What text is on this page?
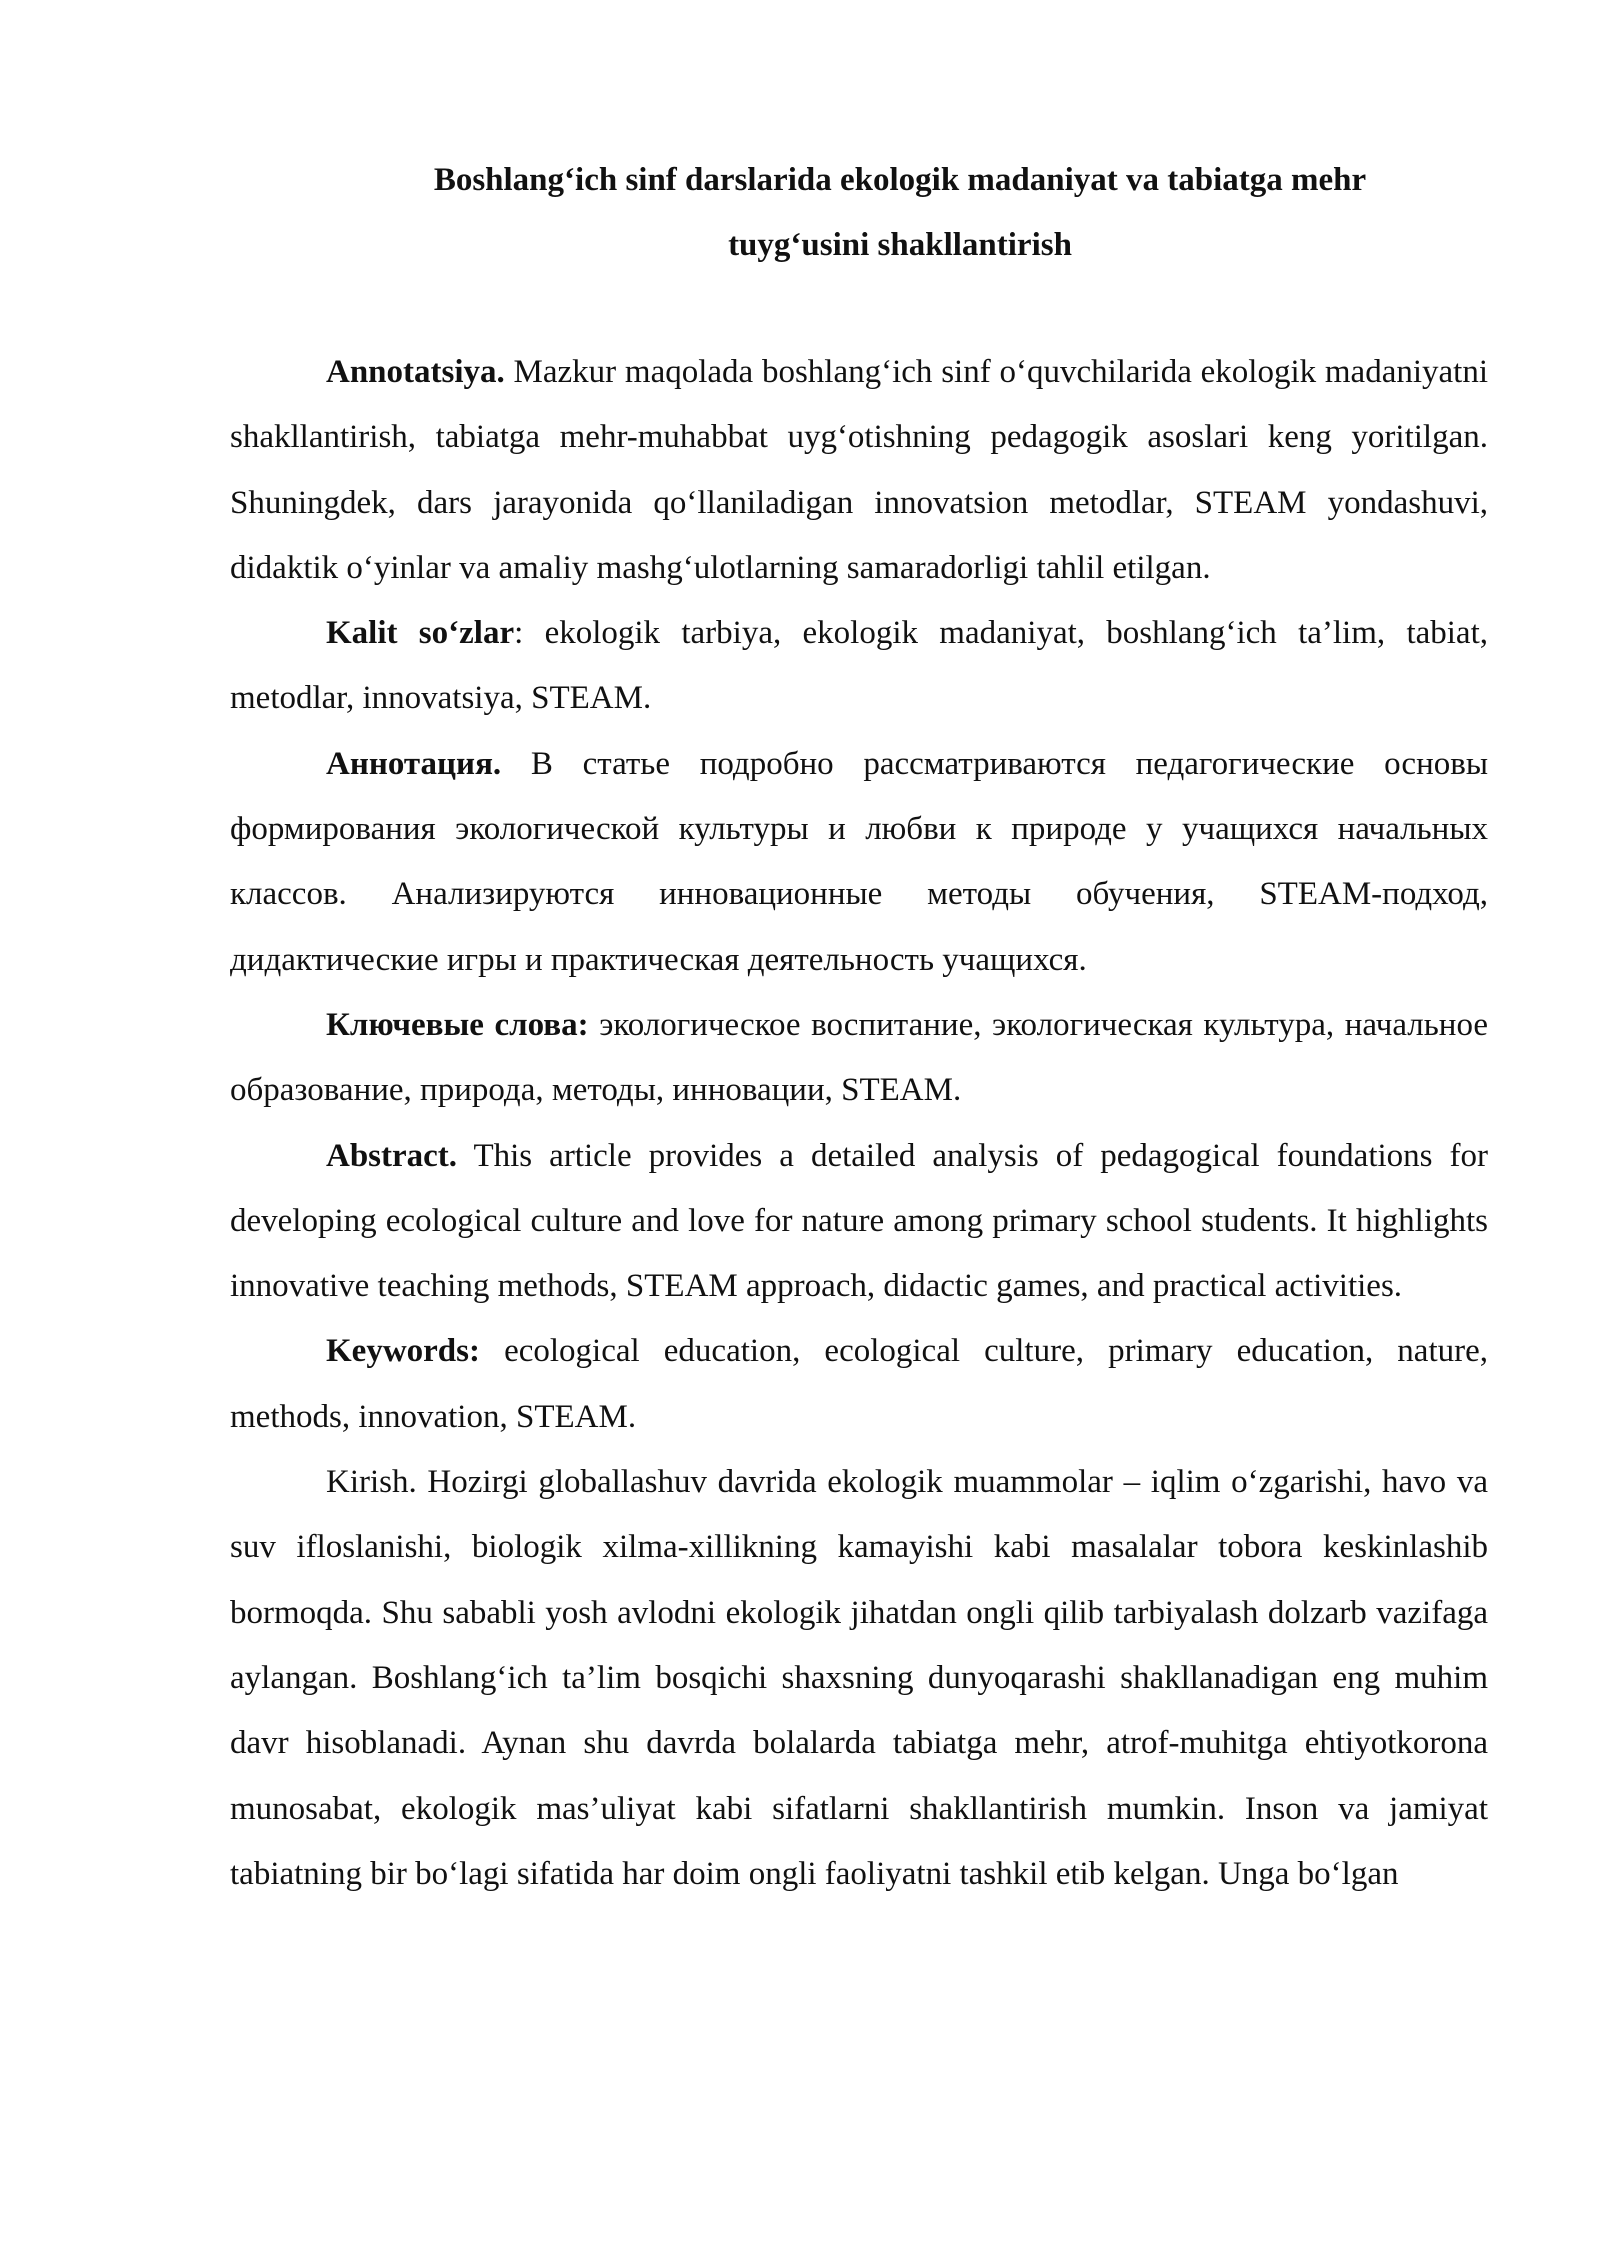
Boshlang‘ich sinf darslarida ekologik madaniyat va tabiatga mehr
tuyg‘usini shakllantirish

Annotatsiya. Mazkur maqolada boshlang‘ich sinf o‘quvchilarida ekologik madaniyatni shakllantirish, tabiatga mehr-muhabbat uyg‘otishning pedagogik asoslari keng yoritilgan. Shuningdek, dars jarayonida qo‘llaniladigan innovatsion metodlar, STEAM yondashuvi, didaktik o‘yinlar va amaliy mashg‘ulotlarning samaradorligi tahlil etilgan.

Kalit so‘zlar: ekologik tarbiya, ekologik madaniyat, boshlang‘ich ta’lim, tabiat, metodlar, innovatsiya, STEAM.

Аннотация. В статье подробно рассматриваются педагогические основы формирования экологической культуры и любви к природе у учащихся начальных классов. Анализируются инновационные методы обучения, STEAM-подход, дидактические игры и практическая деятельность учащихся.

Ключевые слова: экологическое воспитание, экологическая культура, начальное образование, природа, методы, инновации, STEAM.

Abstract. This article provides a detailed analysis of pedagogical foundations for developing ecological culture and love for nature among primary school students. It highlights innovative teaching methods, STEAM approach, didactic games, and practical activities.

Keywords: ecological education, ecological culture, primary education, nature, methods, innovation, STEAM.

Kirish. Hozirgi globallashuv davrida ekologik muammolar – iqlim o‘zgarishi, havo va suv ifloslanishi, biologik xilma-xillikning kamayishi kabi masalalar tobora keskinlashib bormoqda. Shu sababli yosh avlodni ekologik jihatdan ongli qilib tarbiyalash dolzarb vazifaga aylangan. Boshlang‘ich ta’lim bosqichi shaxsning dunyoqarashi shakllanadigan eng muhim davr hisoblanadi. Aynan shu davrda bolalarda tabiatga mehr, atrof-muhitga ehtiyotkorona munosabat, ekologik mas’uliyat kabi sifatlarni shakllantirish mumkin. Inson va jamiyat tabiatning bir bo‘lagi sifatida har doim ongli faoliyatni tashkil etib kelgan. Unga bo‘lgan
